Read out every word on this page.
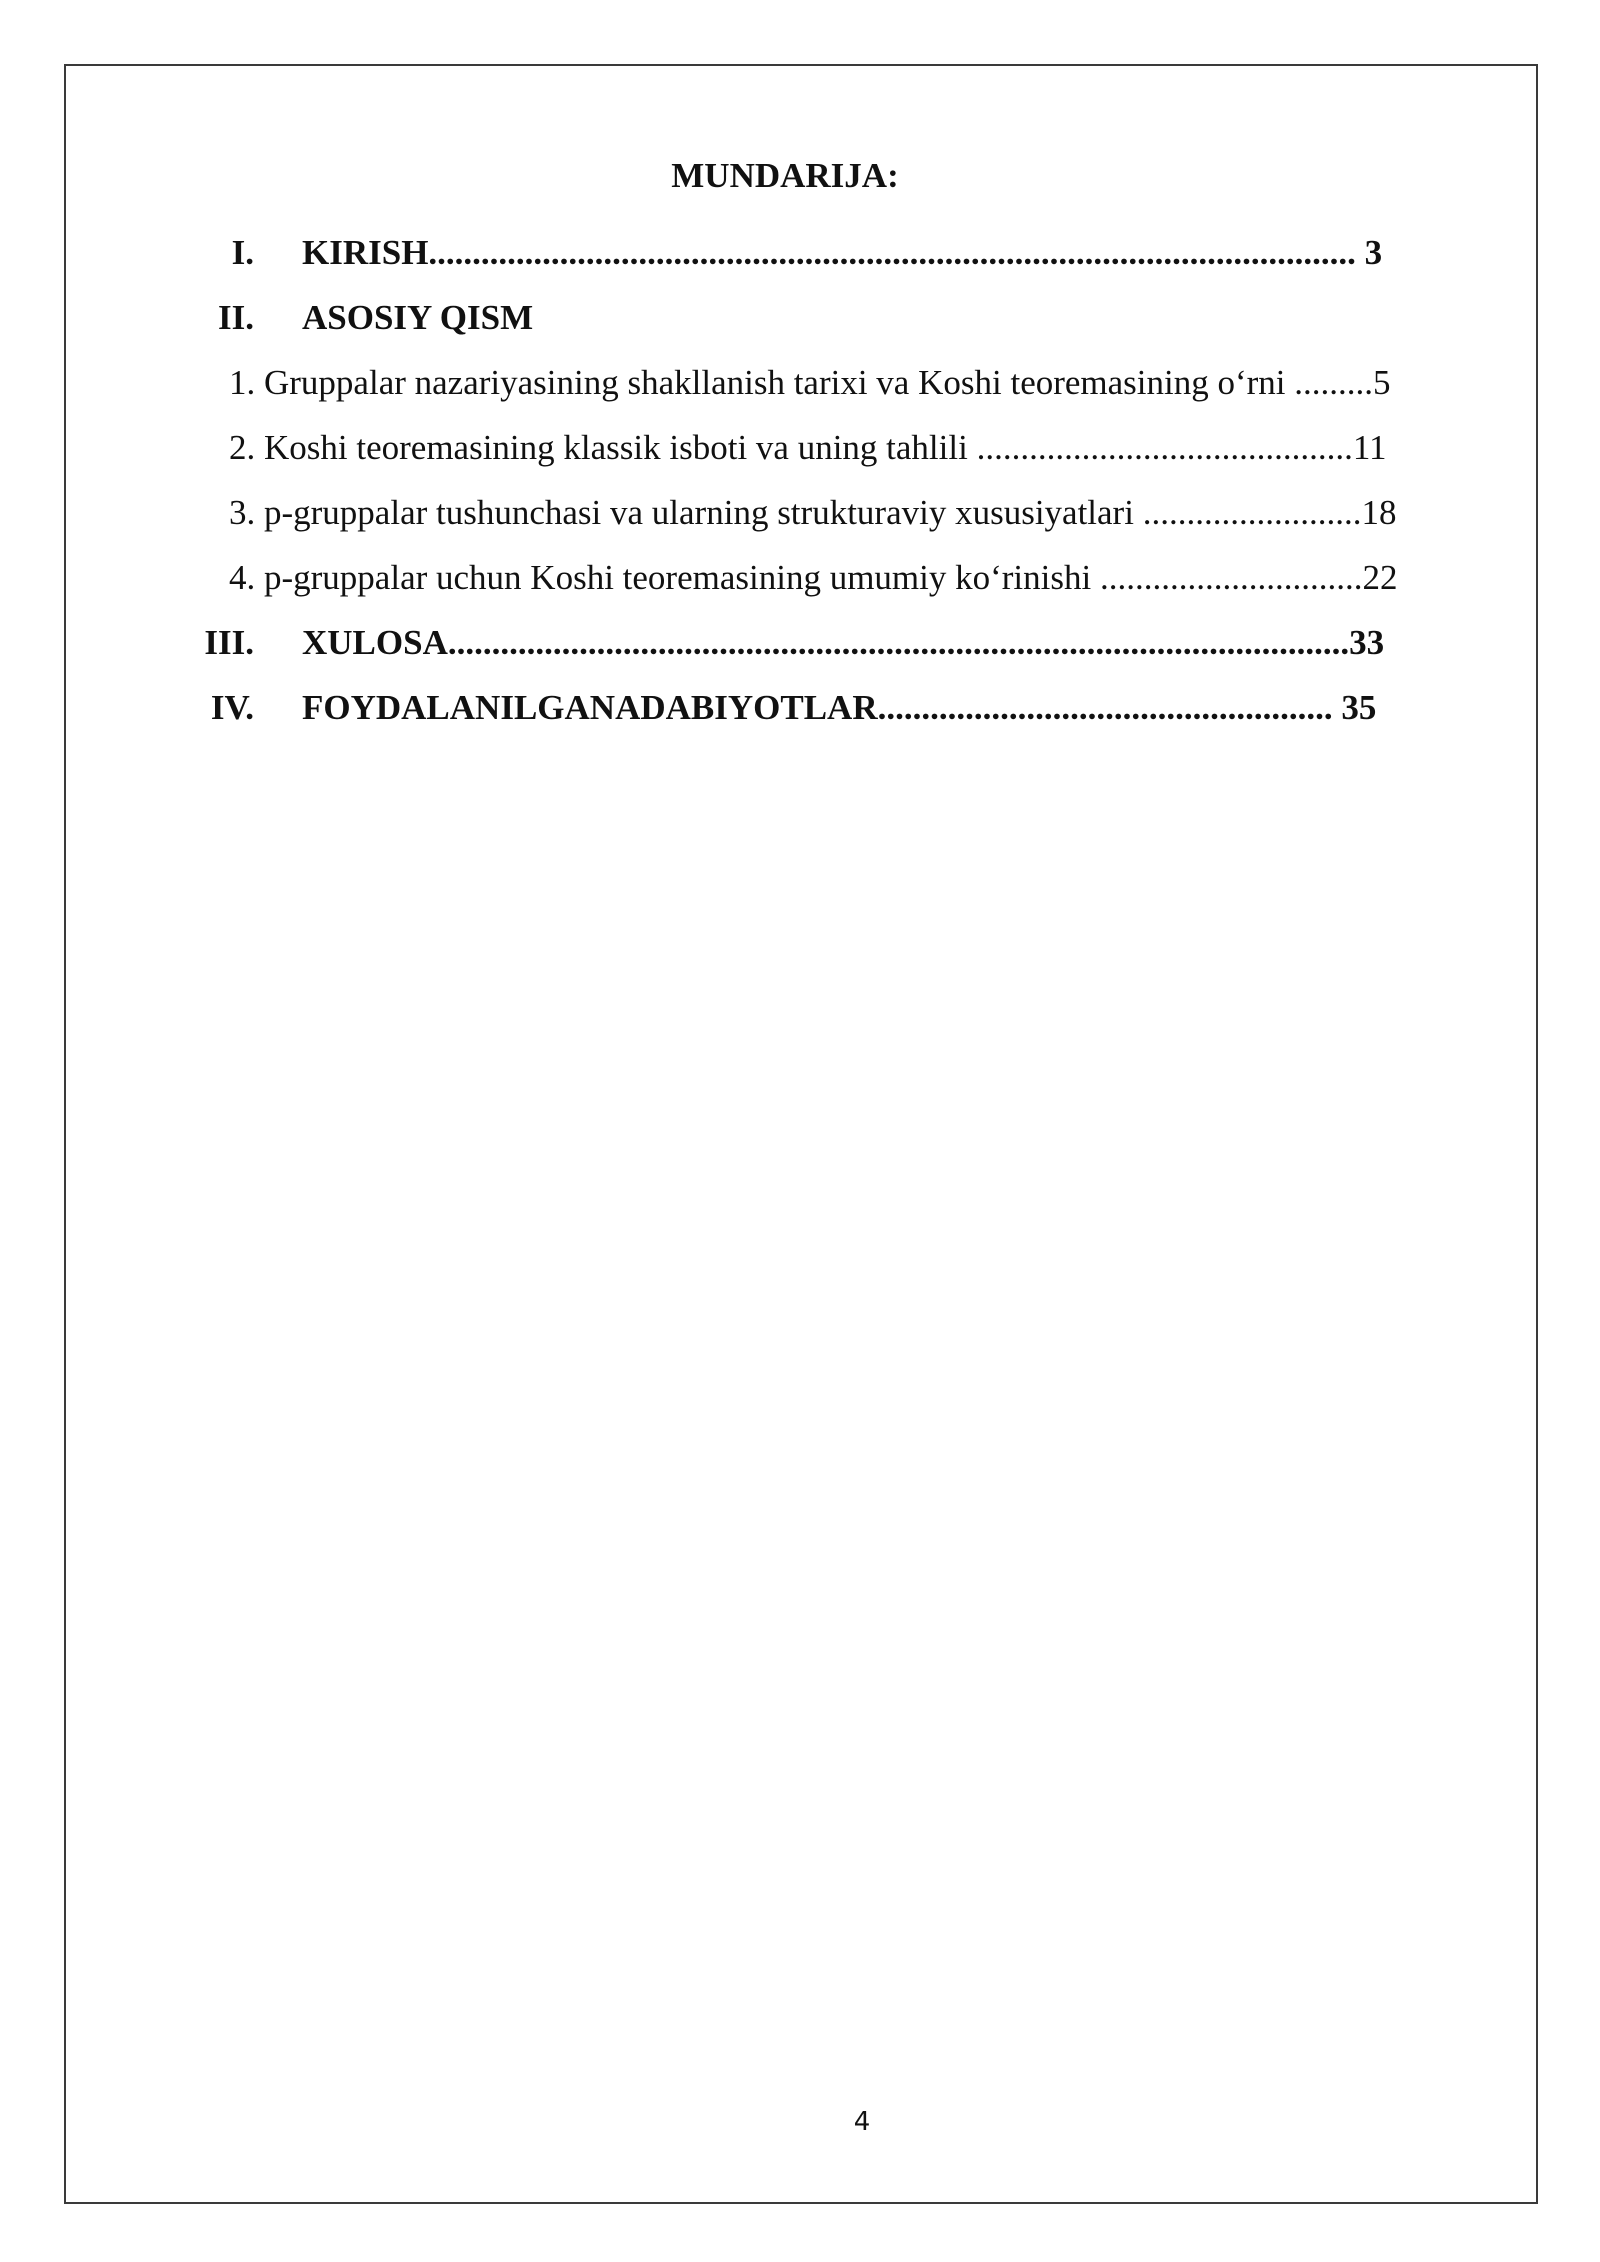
MUNDARIJA:
I. KIRISH.......................................................................................................... 3
II. ASOSIY QISM
1. Gruppalar nazariyasining shakllanish tarixi va Koshi teoremasining o‘rni .........5
2. Koshi teoremasining klassik isboti va uning tahlili ...........................................11
3. p-gruppalar tushunchasi va ularning strukturaviy xususiyatlari .........................18
4. p-gruppalar uchun Koshi teoremasining umumiy ko‘rinishi ..............................22
III. XULOSA.......................................................................................................33
IV. FOYDALANILGANADABIYOTLAR.................................................... 35
4
